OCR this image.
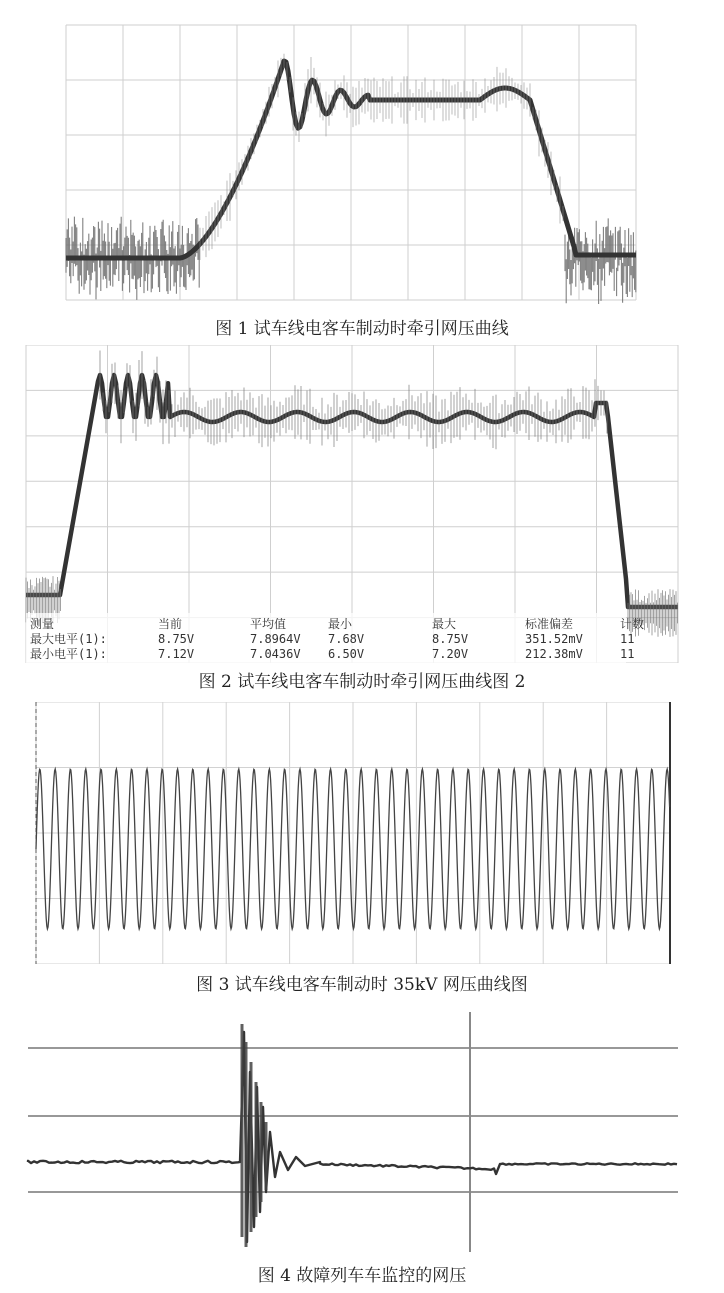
图 1 试车线电客车制动时牵引网压曲线
测量	当前	平均值	最小	最大	标准偏差	计数
最大电平(1):	8.75V	7.8964V 7.68V	8.75V	351.52mV	11
最小电平(1):	7.12V	7.0436V 6.50V	7.20V	212.38mV	11
图 2 试车线电客车制动时牵引网压曲线图 2
图 3 试车线电客车制动时 35kV 网压曲线图
图 4 故障列车车监控的网压
